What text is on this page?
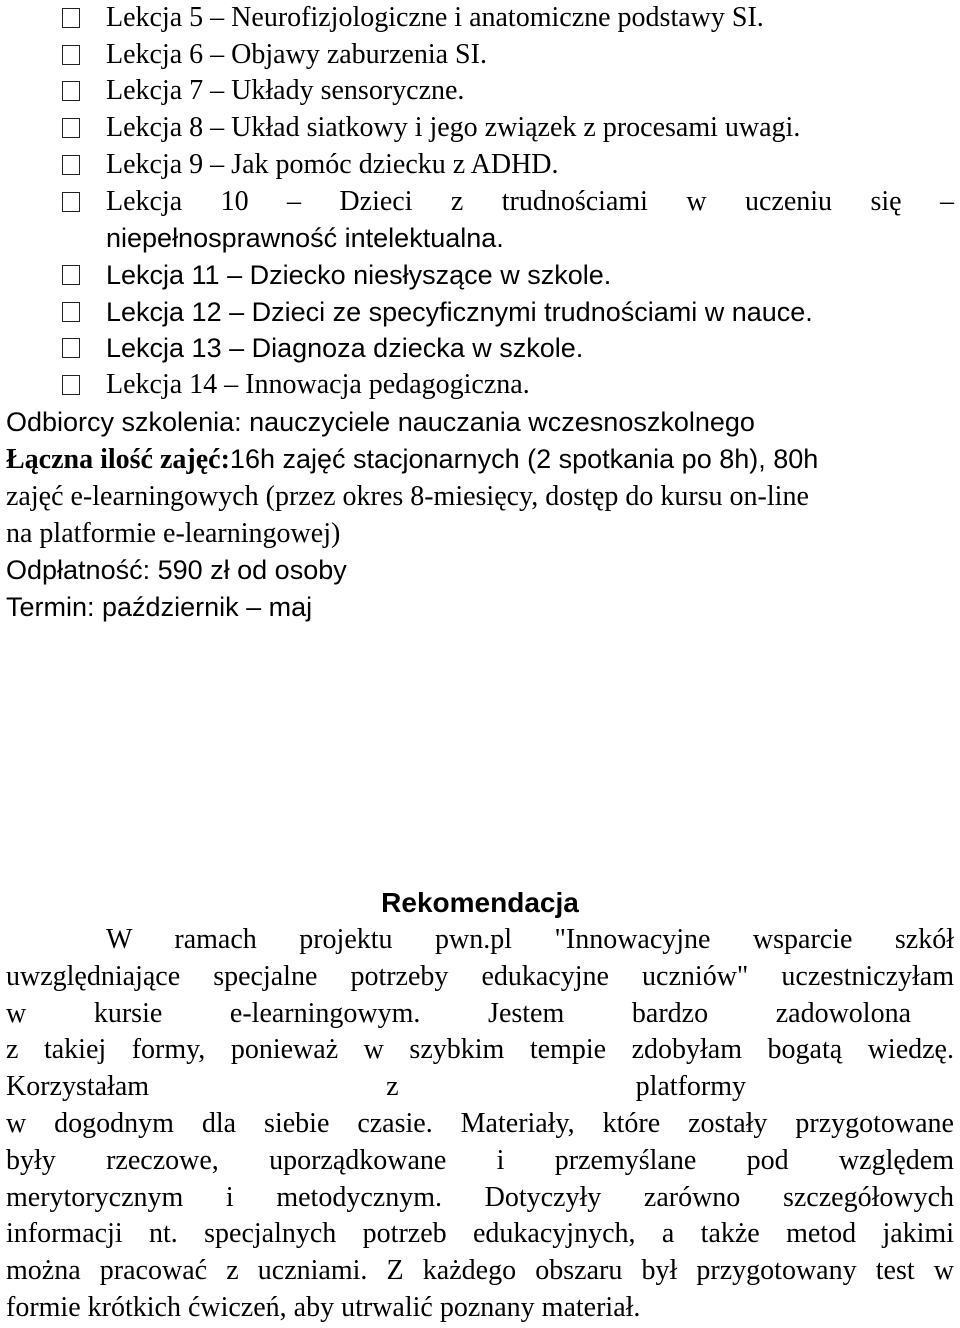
Lekcja 5 – Neurofizjologiczne i anatomiczne podstawy SI.
Lekcja 6 – Objawy zaburzenia SI.
Lekcja 7 – Układy sensoryczne.
Lekcja 8 – Układ siatkowy i jego związek z procesami uwagi.
Lekcja 9 – Jak pomóc dziecku z ADHD.
Lekcja 10 – Dzieci z trudnościami w uczeniu się –
niepełnosprawność intelektualna.
Lekcja 11 – Dziecko niesłyszące w szkole.
Lekcja 12 – Dzieci ze specyficznymi trudnościami w nauce.
Lekcja 13 – Diagnoza dziecka w szkole.
Lekcja 14 – Innowacja pedagogiczna.
Odbiorcy szkolenia: nauczyciele nauczania wczesnoszkolnego
Łączna ilość zajęć:16h zajęć stacjonarnych (2 spotkania po 8h), 80h
zajęć e-learningowych (przez okres 8-miesięcy, dostęp do kursu on-line
na platformie e-learningowej)
Odpłatność: 590 zł od osoby
Termin: październik – maj
Rekomendacja
W ramach projektu pwn.pl "Innowacyjne wsparcie szkół
uwzględniające specjalne potrzeby edukacyjne uczniów" uczestniczyłam
w kursie e-learningowym. Jestem bardzo zadowolona
z takiej formy, ponieważ w szybkim tempie zdobyłam bogatą wiedzę.
Korzystałam z platformy
w dogodnym dla siebie czasie. Materiały, które zostały przygotowane
były rzeczowe, uporządkowane i przemyślane pod względem
merytorycznym i metodycznym. Dotyczyły zarówno szczegółowych
informacji nt. specjalnych potrzeb edukacyjnych, a także metod jakimi
można pracować z uczniami. Z każdego obszaru był przygotowany test w
formie krótkich ćwiczeń, aby utrwalić poznany materiał.
